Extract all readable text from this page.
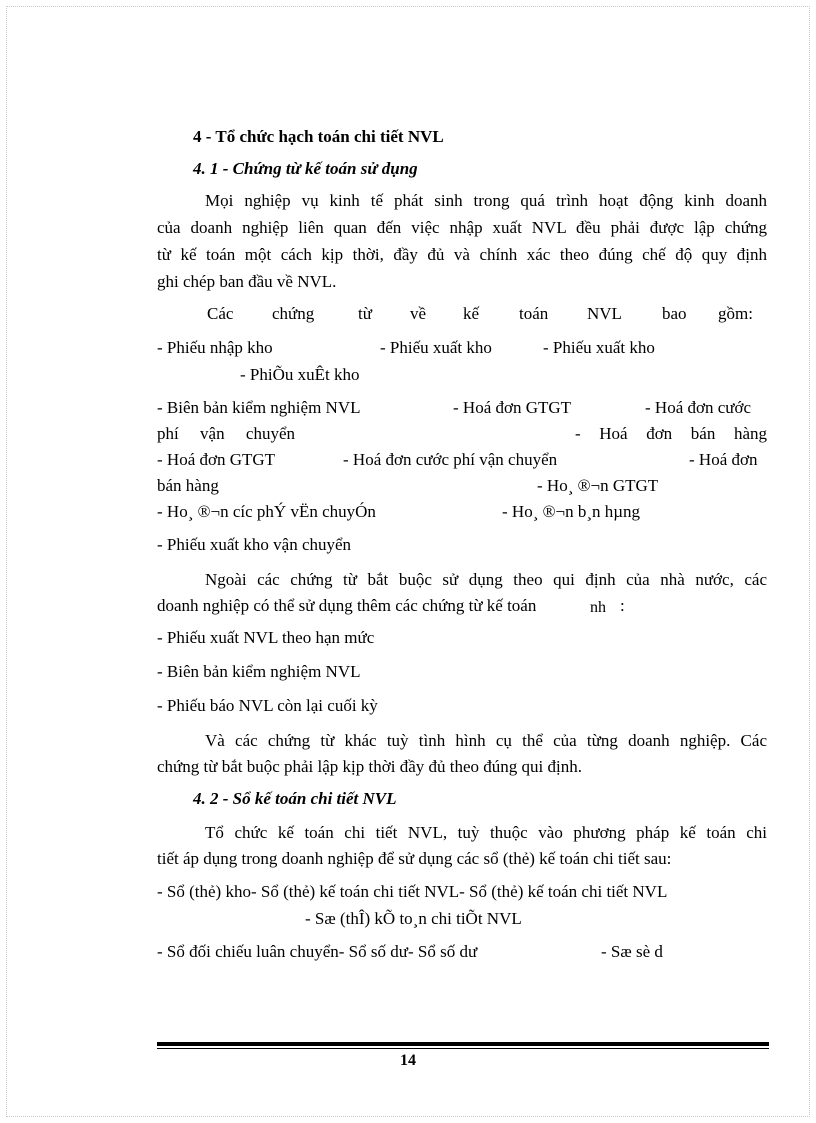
4 - Tổ chức hạch toán chi tiết NVL
4. 1 - Chứng từ kế toán sử dụng
Mọi nghiệp vụ kinh tế phát sinh trong quá trình hoạt động kinh doanh
của doanh nghiệp liên quan đến việc nhập xuất NVL đều phải được lập chứng
từ kế toán một cách kịp thời, đầy đủ và chính xác theo đúng chế độ quy định
ghi chép ban đầu về NVL.
Các chứng	từ về kế toán NVL bao gồm:
- Phiếu nhập kho	- Phiếu xuất kho	- Phiếu xuất kho
- PhiÕu xuÊt kho
- Biên bản kiểm nghiệm NVL	- Hoá đơn GTGT	- Hoá đơn cước
phí vận chuyển	- Hoá đơn bán hàng
- Hoá đơn GTGT	- Hoá đơn cước phí vận chuyển	- Hoá đơn
bán hàng	- Ho¸ ®¬n GTGT
- Ho¸ ®¬n cíc phÝ vËn chuyÓn	- Ho¸ ®¬n b¸n hµng
- Phiếu xuất kho vận chuyển
Ngoài các chứng từ bắt buộc sử dụng theo qui định của nhà nước, các
doanh nghiệp có thể sử dụng thêm các chứng từ kế toán	nh :
- Phiếu xuất NVL theo hạn mức
- Biên bản kiểm nghiệm NVL
- Phiếu báo NVL còn lại cuối kỳ
Và các chứng từ khác tuỳ tình hình cụ thể của từng doanh nghiệp. Các
chứng từ bắt buộc phải lập kịp thời đầy đủ theo đúng qui định.
4. 2 - Sổ kế toán chi tiết NVL
Tổ chức kế toán chi tiết NVL, tuỳ thuộc vào phương pháp kế toán chi
tiết áp dụng trong doanh nghiệp để sử dụng các sổ (thẻ) kế toán chi tiết sau:
- Sổ (thẻ) kho- Sổ (thẻ) kế toán chi tiết NVL- Sổ (thẻ) kế toán chi tiết NVL
- Sæ (thÎ) kÕ to¸n chi tiÕt NVL
- Sổ đối chiếu luân chuyển- Sổ số dư- Sổ số dư	- Sæ sè d
14
